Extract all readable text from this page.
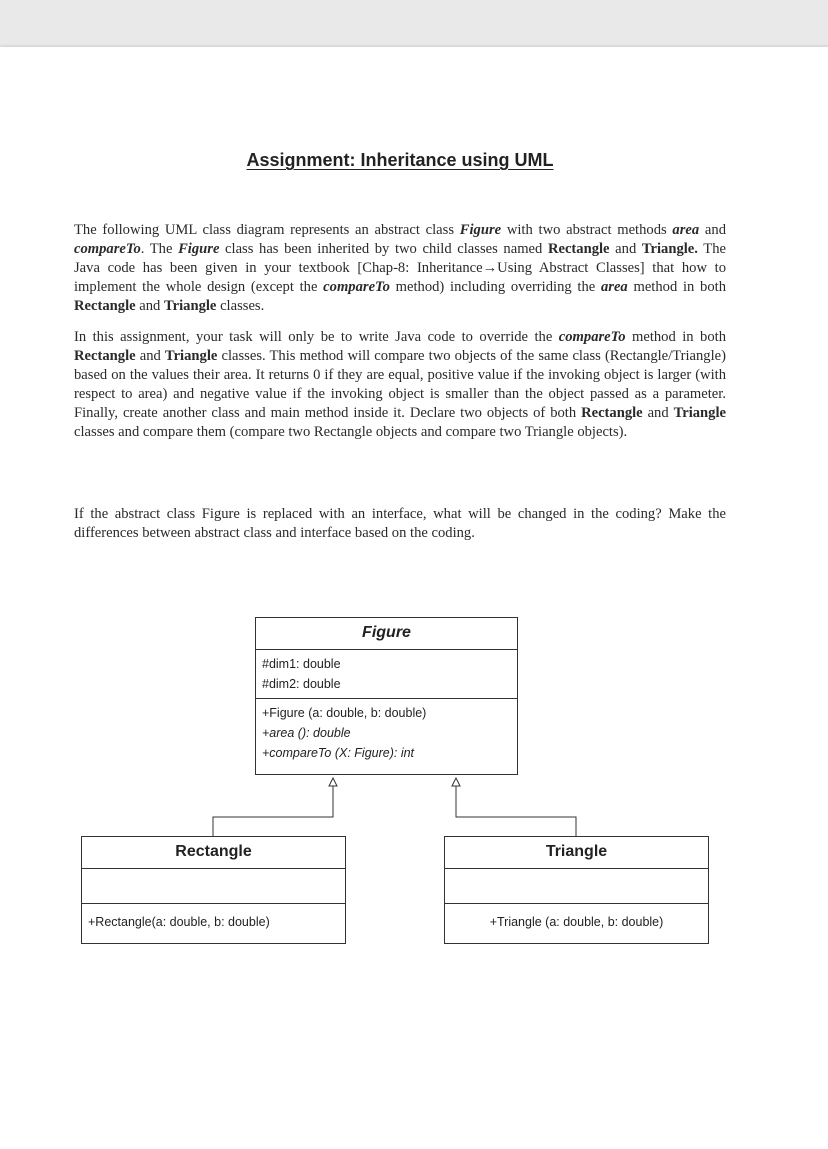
Assignment: Inheritance using UML

The following UML class diagram represents an abstract class Figure with two abstract methods area and compareTo. The Figure class has been inherited by two child classes named Rectangle and Triangle. The Java code has been given in your textbook [Chap-8: Inheritance→Using Abstract Classes] that how to implement the whole design (except the compareTo method) including overriding the area method in both Rectangle and Triangle classes.

In this assignment, your task will only be to write Java code to override the compareTo method in both Rectangle and Triangle classes. This method will compare two objects of the same class (Rectangle/Triangle) based on the values their area. It returns 0 if they are equal, positive value if the invoking object is larger (with respect to area) and negative value if the invoking object is smaller than the object passed as a parameter. Finally, create another class and main method inside it. Declare two objects of both Rectangle and Triangle classes and compare them (compare two Rectangle objects and compare two Triangle objects).

If the abstract class Figure is replaced with an interface, what will be changed in the coding? Make the differences between abstract class and interface based on the coding.

Figure
#dim1: double
#dim2: double
+Figure (a: double, b: double)
+area (): double
+compareTo (X: Figure): int
Rectangle
+Rectangle(a: double, b: double)
Triangle
+Triangle (a: double, b: double)
